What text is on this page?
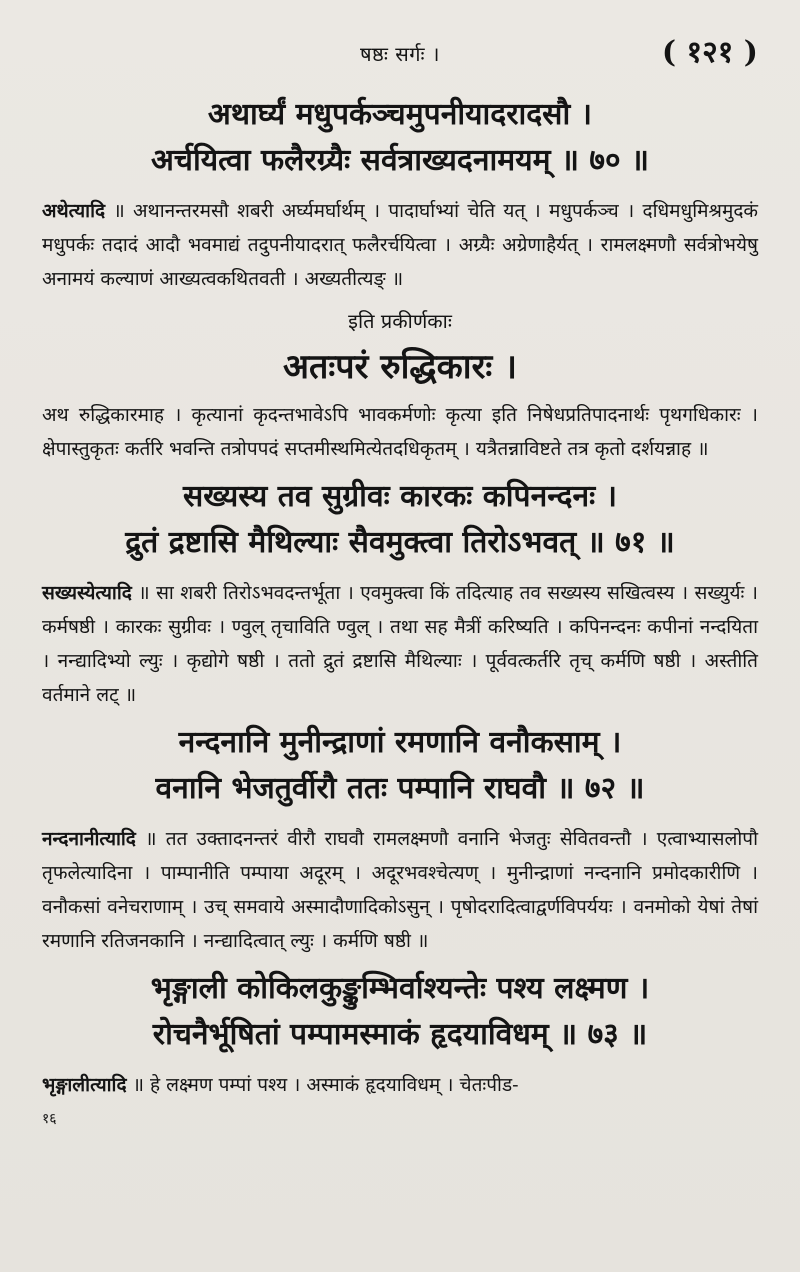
षष्ठः सर्गः ।	( १२१ )
अथार्घ्यं मधुपर्कञ्चमुपनीयादरादसौ ।
अर्चयित्वा फलैरग्र्यैः सर्वत्राख्यदनामयम् ॥ ७० ॥

अथेत्यादि ॥ अथानन्तरमसौ शबरी अर्घ्यमर्घार्थम् । पादार्घाभ्यां चेति यत् । मधुपर्कञ्च । दधिमधुमिश्रमुदकं मधुपर्कः तदादं आदौ भवमाद्यं तदुपनीयादरात् फलैरर्चयित्वा । अग्र्यैः अग्रेणाहैर्यत् । रामलक्ष्मणौ सर्वत्रोभयेषु अनामयं कल्याणं आख्यत्वकथितवती । अख्यतीत्यङ् ॥

इति प्रकीर्णकाः
अतःपरं रुद्धिकारः ।

अथ रुद्धिकारमाह । कृत्यानां कृदन्तभावेऽपि भावकर्मणोः कृत्या इति निषेधप्रतिपादनार्थः पृथगधिकारः । क्षेपास्तुकृतः कर्तरि भवन्ति तत्रोपपदं सप्तमीस्थमित्येतदधिकृतम् । यत्रैतन्नाविष्टते तत्र कृतो दर्शयन्नाह ॥

सख्यस्य तव सुग्रीवः कारकः कपिनन्दनः ।
द्रुतं द्रष्टासि मैथिल्याः सैवमुक्त्वा तिरोऽभवत् ॥ ७१ ॥

सख्यस्येत्यादि ॥ सा शबरी तिरोऽभवदन्तर्भूता । एवमुक्त्वा किं तदित्याह तव सख्यस्य सखित्वस्य । सख्युर्यः । कर्मषष्ठी । कारकः सुग्रीवः । ण्वुल् तृचाविति ण्वुल् । तथा सह मैत्रीं करिष्यति । कपिनन्दनः कपीनां नन्दयिता । नन्द्यादिभ्यो ल्युः । कृद्योगे षष्ठी । ततो द्रुतं द्रष्टासि मैथिल्याः । पूर्ववत्कर्तरि तृच् कर्मणि षष्ठी । अस्तीति वर्तमाने लट् ॥

नन्दनानि मुनीन्द्राणां रमणानि वनौकसाम् ।
वनानि भेजतुर्वीरौ ततः पम्पानि राघवौ ॥ ७२ ॥

नन्दनानीत्यादि ॥ तत उक्तादनन्तरं वीरौ राघवौ रामलक्ष्मणौ वनानि भेजतुः सेवितवन्तौ । एत्वाभ्यासलोपौ तृफलेत्यादिना । पाम्पानीति पम्पाया अदूरम् । अदूरभवश्चेत्यण् । मुनीन्द्राणां नन्दनानि प्रमोदकारीणि । वनौकसां वनेचराणाम् । उच् समवाये अस्मादौणादिकोऽसुन् । पृषोदरादित्वाद्वर्णविपर्ययः । वनमोको येषां तेषां रमणानि रतिजनकानि । नन्द्यादित्वात् ल्युः । कर्मणि षष्ठी ॥

भृङ्गाली कोकिलकुङ्कुम्भिर्वाश्यन्तेः पश्य लक्ष्मण ।
रोचनैर्भूषितां पम्पामस्माकं हृदयाविधम् ॥ ७३ ॥

भृङ्गालीत्यादि ॥ हे लक्ष्मण पम्पां पश्य । अस्माकं हृदयाविधम् । चेतःपीड-

१६
